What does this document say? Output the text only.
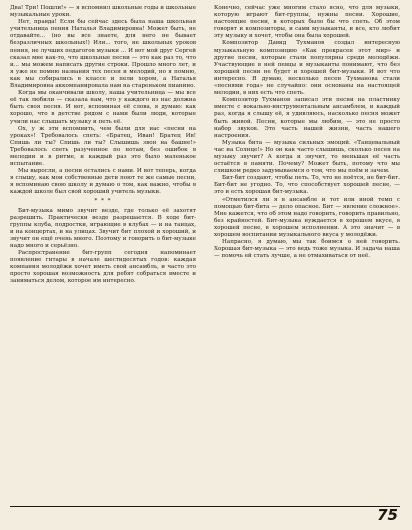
Два! Три! Пошли!» — я вспомнил школьные годы и школьные музыкальные уроки.

Нет, правда! Если бы сейчас здесь была наша школьная учительница пения Наталья Владимировна! Может быть, не отдавайте... (но вы все знаете, для него не бывает безразличных школьных!) Или... того, не школьных уроков пения, не лучших педагогов музыки ... И вот мой друг Сергей сказал мне как-то, что школьные песни — это как раз то, что и... мы можем написать другие строки. Прошло много лет, и я уже не помню названия тех песен и мелодий, но я помню, как мы собирались в классе и пели хором, а Наталья Владимировна аккомпанировала нам на стареньком пианино.

Когда мы оканчивали школу, наша учительница — мы все её так любили — сказала нам, что у каждого из нас должна быть своя песня. И вот, вспоминая её слова, я думаю: как хорошо, что в детстве рядом с нами были люди, которые учили нас слышать музыку и петь её.

Ох, у ж эти вспомнить, чем были для нас «песни на уроках»! Требовалось спеть: «Братец, Иван! Братец Ив! Спишь ли ты? Спишь ли ты? Слышишь звон на башне!» Требовалось спеть разученное по нотам, без ошибок в мелодии и в ритме, и каждый раз это было маленькое испытание.

Мы выросли, а песни остались с нами. И вот теперь, когда я слышу, как мои собственные дети поют те же самые песни, я вспоминаю свою школу и думаю о том, как важно, чтобы в каждой школе был свой хороший учитель музыки.

* * *

Бит-музыка мимо звучит везде, где только её захотят разрешить. Практически везде разрешается. В ходе бит-группы клуба, подростки, играющие в клубах — и на танцах, и на концертах, и на улицах. Звучит бит плохой и хороший, и звучит он ещё очень много. Поэтому и говорить о бит-музыке надо много и серьёзно.

Распространение бит-групп сегодня напоминает появление гитары в начале шестидесятых годов: каждая компания молодёжи хочет иметь свой ансамбль, и часто это просто хорошая возможность для ребят собраться вместе и заниматься делом, которое им интересно.

Конечно, сейчас уже многим стало ясно, что для музыки, которую играют бит-группы, нужны песни. Хорошие, настоящие песни, в которых было бы что спеть. Об этом говорят и композиторы, и сами музыканты, и все, кто любит эту музыку и хочет, чтобы она была хорошей.

Композитор Давид Тухманов создал интересную музыкальную композицию «Как прекрасен этот мир» и другие песни, которые стали популярны среди молодёжи. Участвующие в ней певцы и музыканты понимают, что без хорошей песни не будет и хорошей бит-музыки. И вот что интересно. Я думаю, несколько песен Тухманова стали «песнями года» не случайно: они основаны на настоящей мелодии, в них есть что спеть.

Композитор Тухманов записал эти песни на пластинку вместе с вокально-инструментальным ансамблем, и каждый раз, когда я слышу её, я удивляюсь, насколько песня может быть живой. Песни, которые мы любим, — это не просто набор звуков. Это часть нашей жизни, часть нашего настроения.

Музыка бита — музыка сильных эмоций. «Танцевальный час на Солнце!» Но он как часто слышишь, сколько песен на музыку звучит? А когда и звучит, то меньшая её часть остаётся в памяти. Почему? Может быть, потому что мы слишком редко задумываемся о том, что мы поём и зачем.

Бит-бит создают, чтобы петь. То, что не поётся, не бит-бит. Бит-бит не угодно. То, что способствует хорошей песне, — это и есть хорошая бит-музыка.

«Отметился ли я в ансамбле и тот или иной темп с помощью бит-бита — дело опасное. Бит — явление сложное». Мне кажется, что об этом надо говорить, говорить правильно, без крайностей. Бит-музыка нуждается в хорошем вкусе, в хорошей песне, в хорошем исполнении. А это значит — в хорошем воспитании музыкального вкуса у молодёжи.

Напрасно, я думаю, мы так боимся о ней говорить. Хорошая бит-музыка — это ведь тоже музыка. И задача наша — помочь ей стать лучше, а не отмахиваться от неё.

75
